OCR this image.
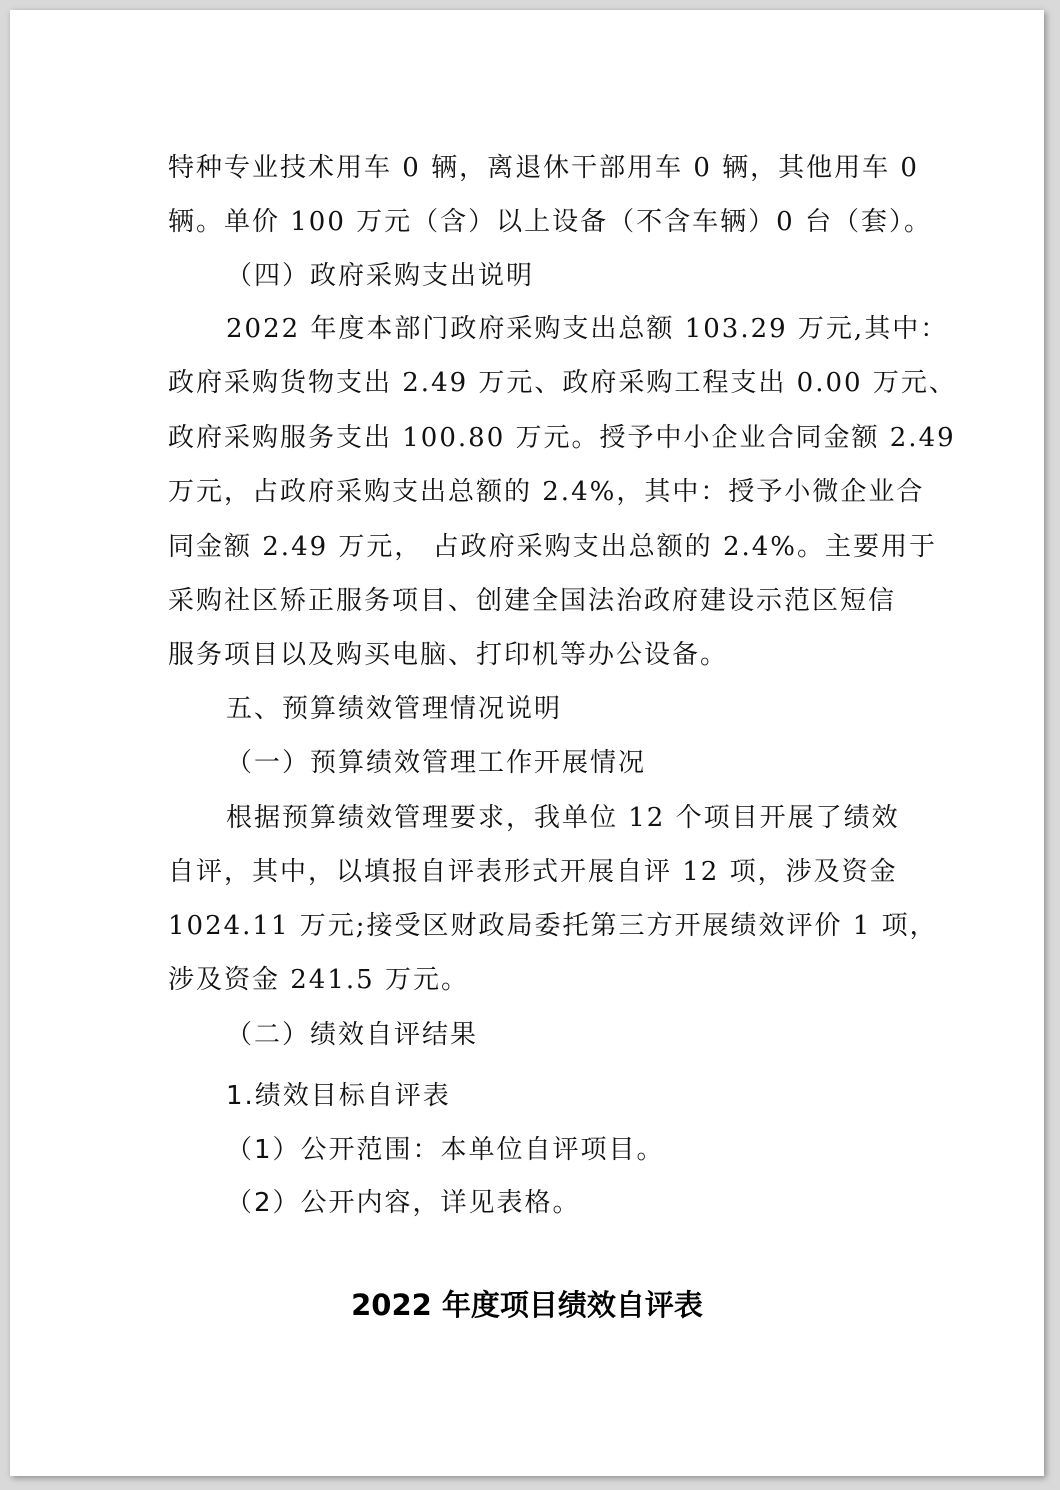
特种专业技术用车 0 辆，离退休干部用车 0 辆，其他用车 0
辆。单价 100 万元（含）以上设备（不含车辆）0 台（套）。
（四）政府采购支出说明
2022 年度本部门政府采购支出总额 103.29 万元,其中：
政府采购货物支出 2.49 万元、政府采购工程支出 0.00 万元、
政府采购服务支出 100.80 万元。授予中小企业合同金额 2.49
万元，占政府采购支出总额的 2.4%，其中：授予小微企业合
同金额 2.49 万元， 占政府采购支出总额的 2.4%。主要用于
采购社区矫正服务项目、创建全国法治政府建设示范区短信
服务项目以及购买电脑、打印机等办公设备。
五、预算绩效管理情况说明
（一）预算绩效管理工作开展情况
根据预算绩效管理要求，我单位 12 个项目开展了绩效
自评，其中，以填报自评表形式开展自评 12 项，涉及资金
1024.11 万元;接受区财政局委托第三方开展绩效评价 1 项，
涉及资金 241.5 万元。
（二）绩效自评结果
1.绩效目标自评表
（1）公开范围：本单位自评项目。
（2）公开内容，详见表格。
2022 年度项目绩效自评表
